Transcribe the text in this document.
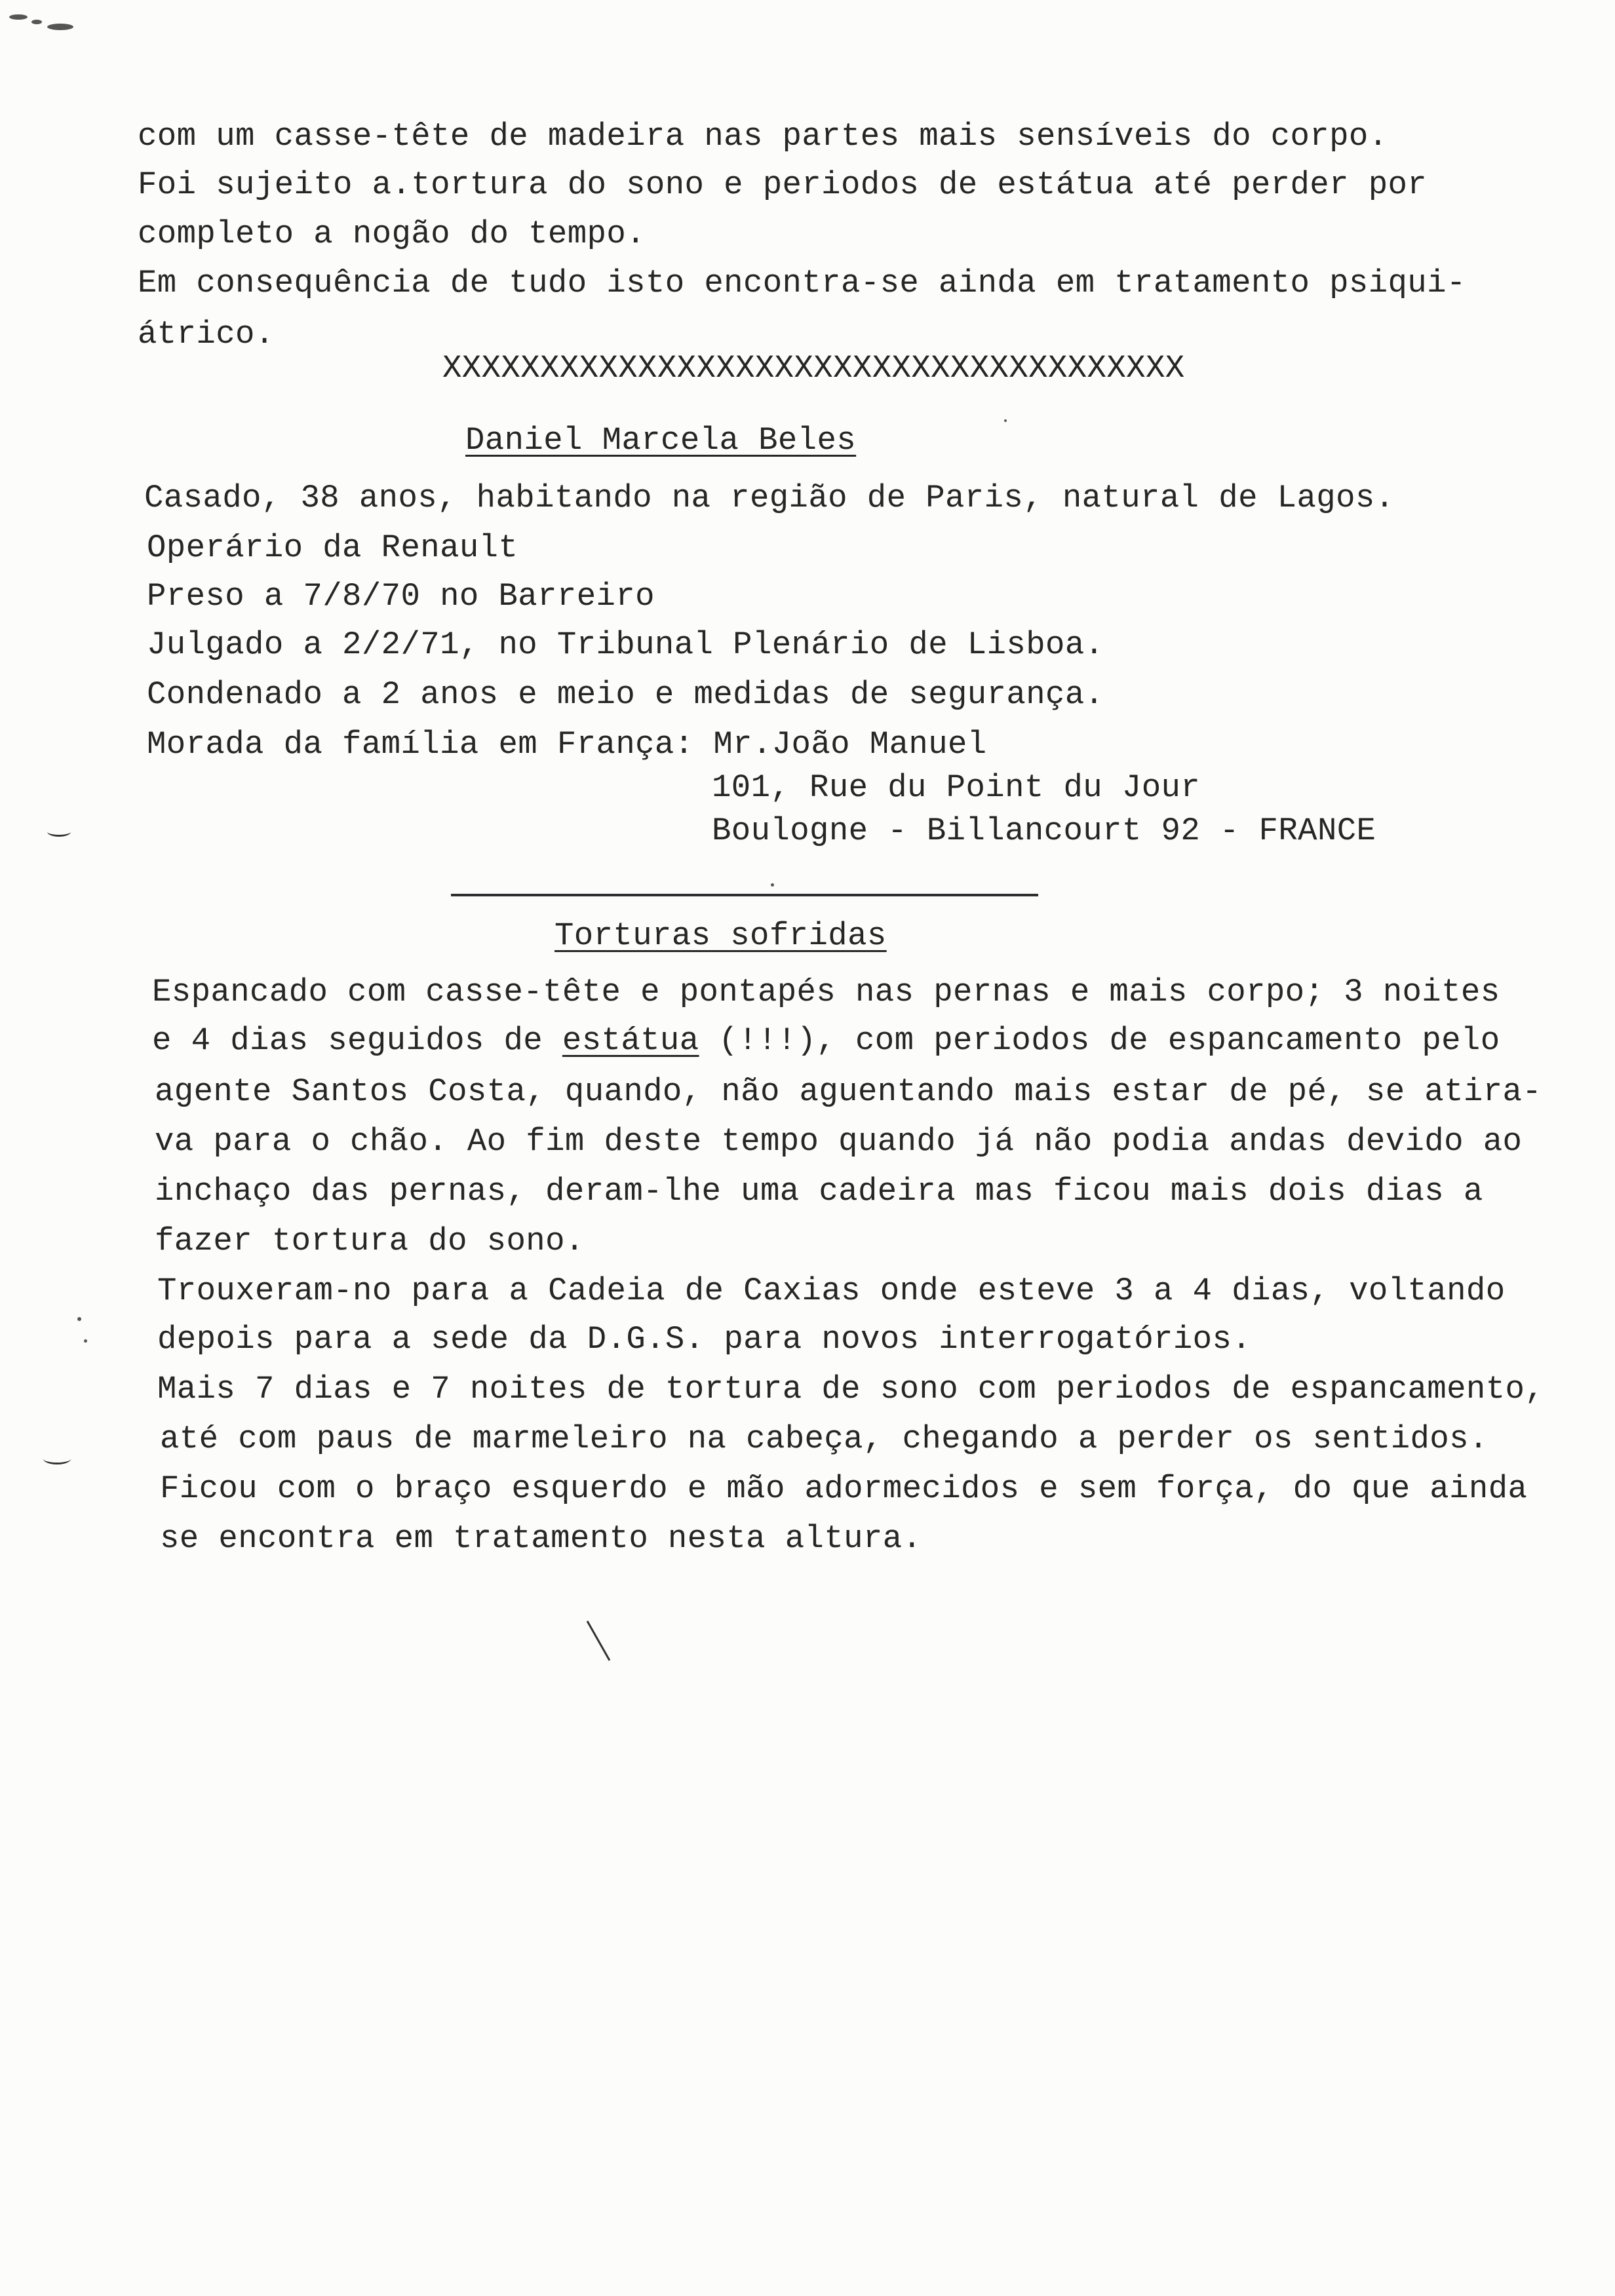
com um casse-tête de madeira nas partes mais sensíveis do corpo.
Foi sujeito a.tortura do sono e periodos de estátua até perder por
completo a nogão do tempo.
Em consequência de tudo isto encontra-se ainda em tratamento psiqui-
átrico.
XXXXXXXXXXXXXXXXXXXXXXXXXXXXXXXXXXXXXX
Daniel Marcela Beles
Casado, 38 anos, habitando na região de Paris, natural de Lagos.
Operário da Renault
Preso a 7/8/70 no Barreiro
Julgado a 2/2/71, no Tribunal Plenário de Lisboa.
Condenado a 2 anos e meio e medidas de segurança.
Morada da família em França: Mr.João Manuel
101, Rue du Point du Jour
Boulogne - Billancourt 92 - FRANCE
Torturas sofridas
Espancado com casse-tête e pontapés nas pernas e mais corpo; 3 noites
e 4 dias seguidos de estátua (!!!), com periodos de espancamento pelo
agente Santos Costa, quando, não aguentando mais estar de pé, se atira-
va para o chão. Ao fim deste tempo quando já não podia andas devido ao
inchaço das pernas, deram-lhe uma cadeira mas ficou mais dois dias a
fazer tortura do sono.
Trouxeram-no para a Cadeia de Caxias onde esteve 3 a 4 dias, voltando
depois para a sede da D.G.S. para novos interrogatórios.
Mais 7 dias e 7 noites de tortura de sono com periodos de espancamento,
até com paus de marmeleiro na cabeça, chegando a perder os sentidos.
Ficou com o braço esquerdo e mão adormecidos e sem força, do que ainda
se encontra em tratamento nesta altura.
